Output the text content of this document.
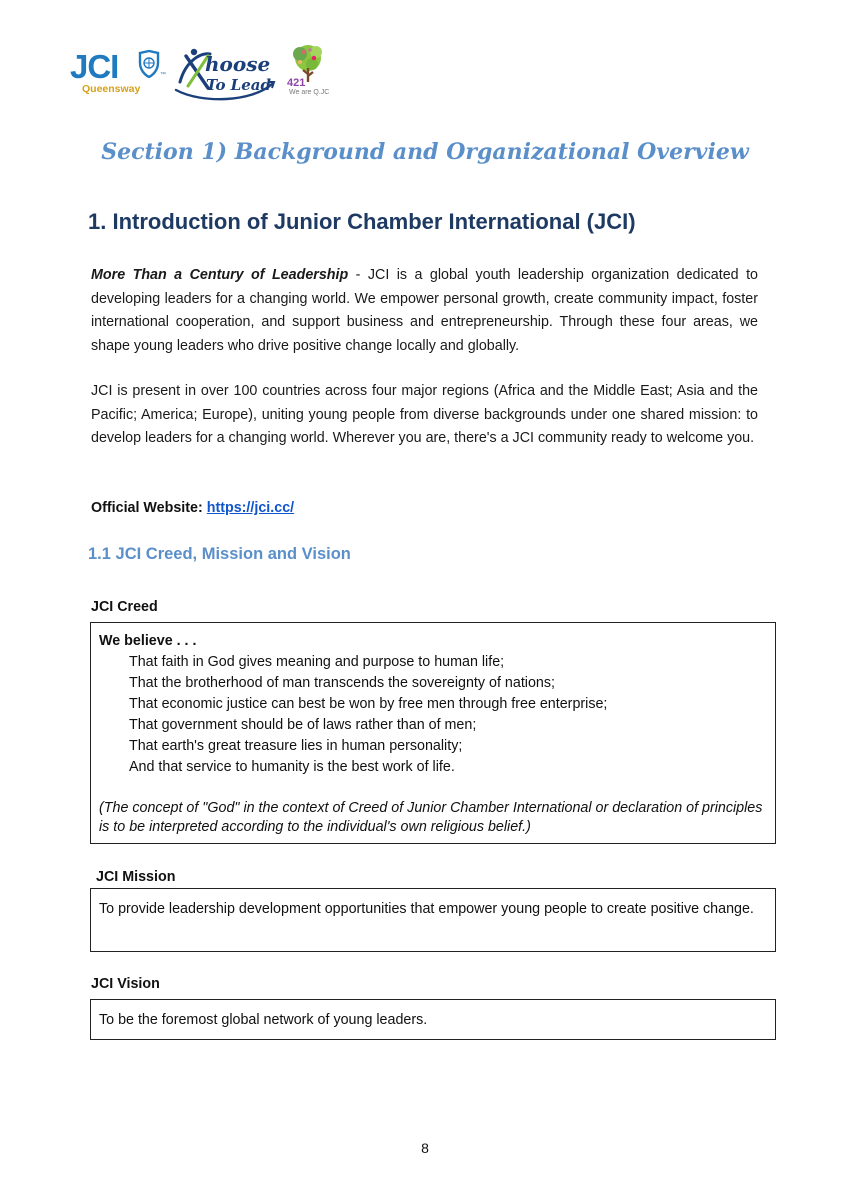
JCI	™
Queensway
hoose
To Lead 421
We are Q.JC
Section 1) Background and Organizational Overview
1. Introduction of Junior Chamber International (JCI)
More Than a Century of Leadership - JCI is a global youth leadership organization dedicated to developing leaders for a changing world. We empower personal growth, create community impact, foster international cooperation, and support business and entrepreneurship. Through these four areas, we shape young leaders who drive positive change locally and globally.
JCI is present in over 100 countries across four major regions (Africa and the Middle East; Asia and the Pacific; America; Europe), uniting young people from diverse backgrounds under one shared mission: to develop leaders for a changing world. Wherever you are, there's a JCI community ready to welcome you.
Official Website: https://jci.cc/
1.1 JCI Creed, Mission and Vision
JCI Creed
We believe . . .
That faith in God gives meaning and purpose to human life;
That the brotherhood of man transcends the sovereignty of nations;
That economic justice can best be won by free men through free enterprise;
That government should be of laws rather than of men;
That earth's great treasure lies in human personality;
And that service to humanity is the best work of life.
(The concept of "God" in the context of Creed of Junior Chamber International or declaration of principles is to be interpreted according to the individual's own religious belief.)
JCI Mission
To provide leadership development opportunities that empower young people to create positive change.
JCI Vision
To be the foremost global network of young leaders.
8
